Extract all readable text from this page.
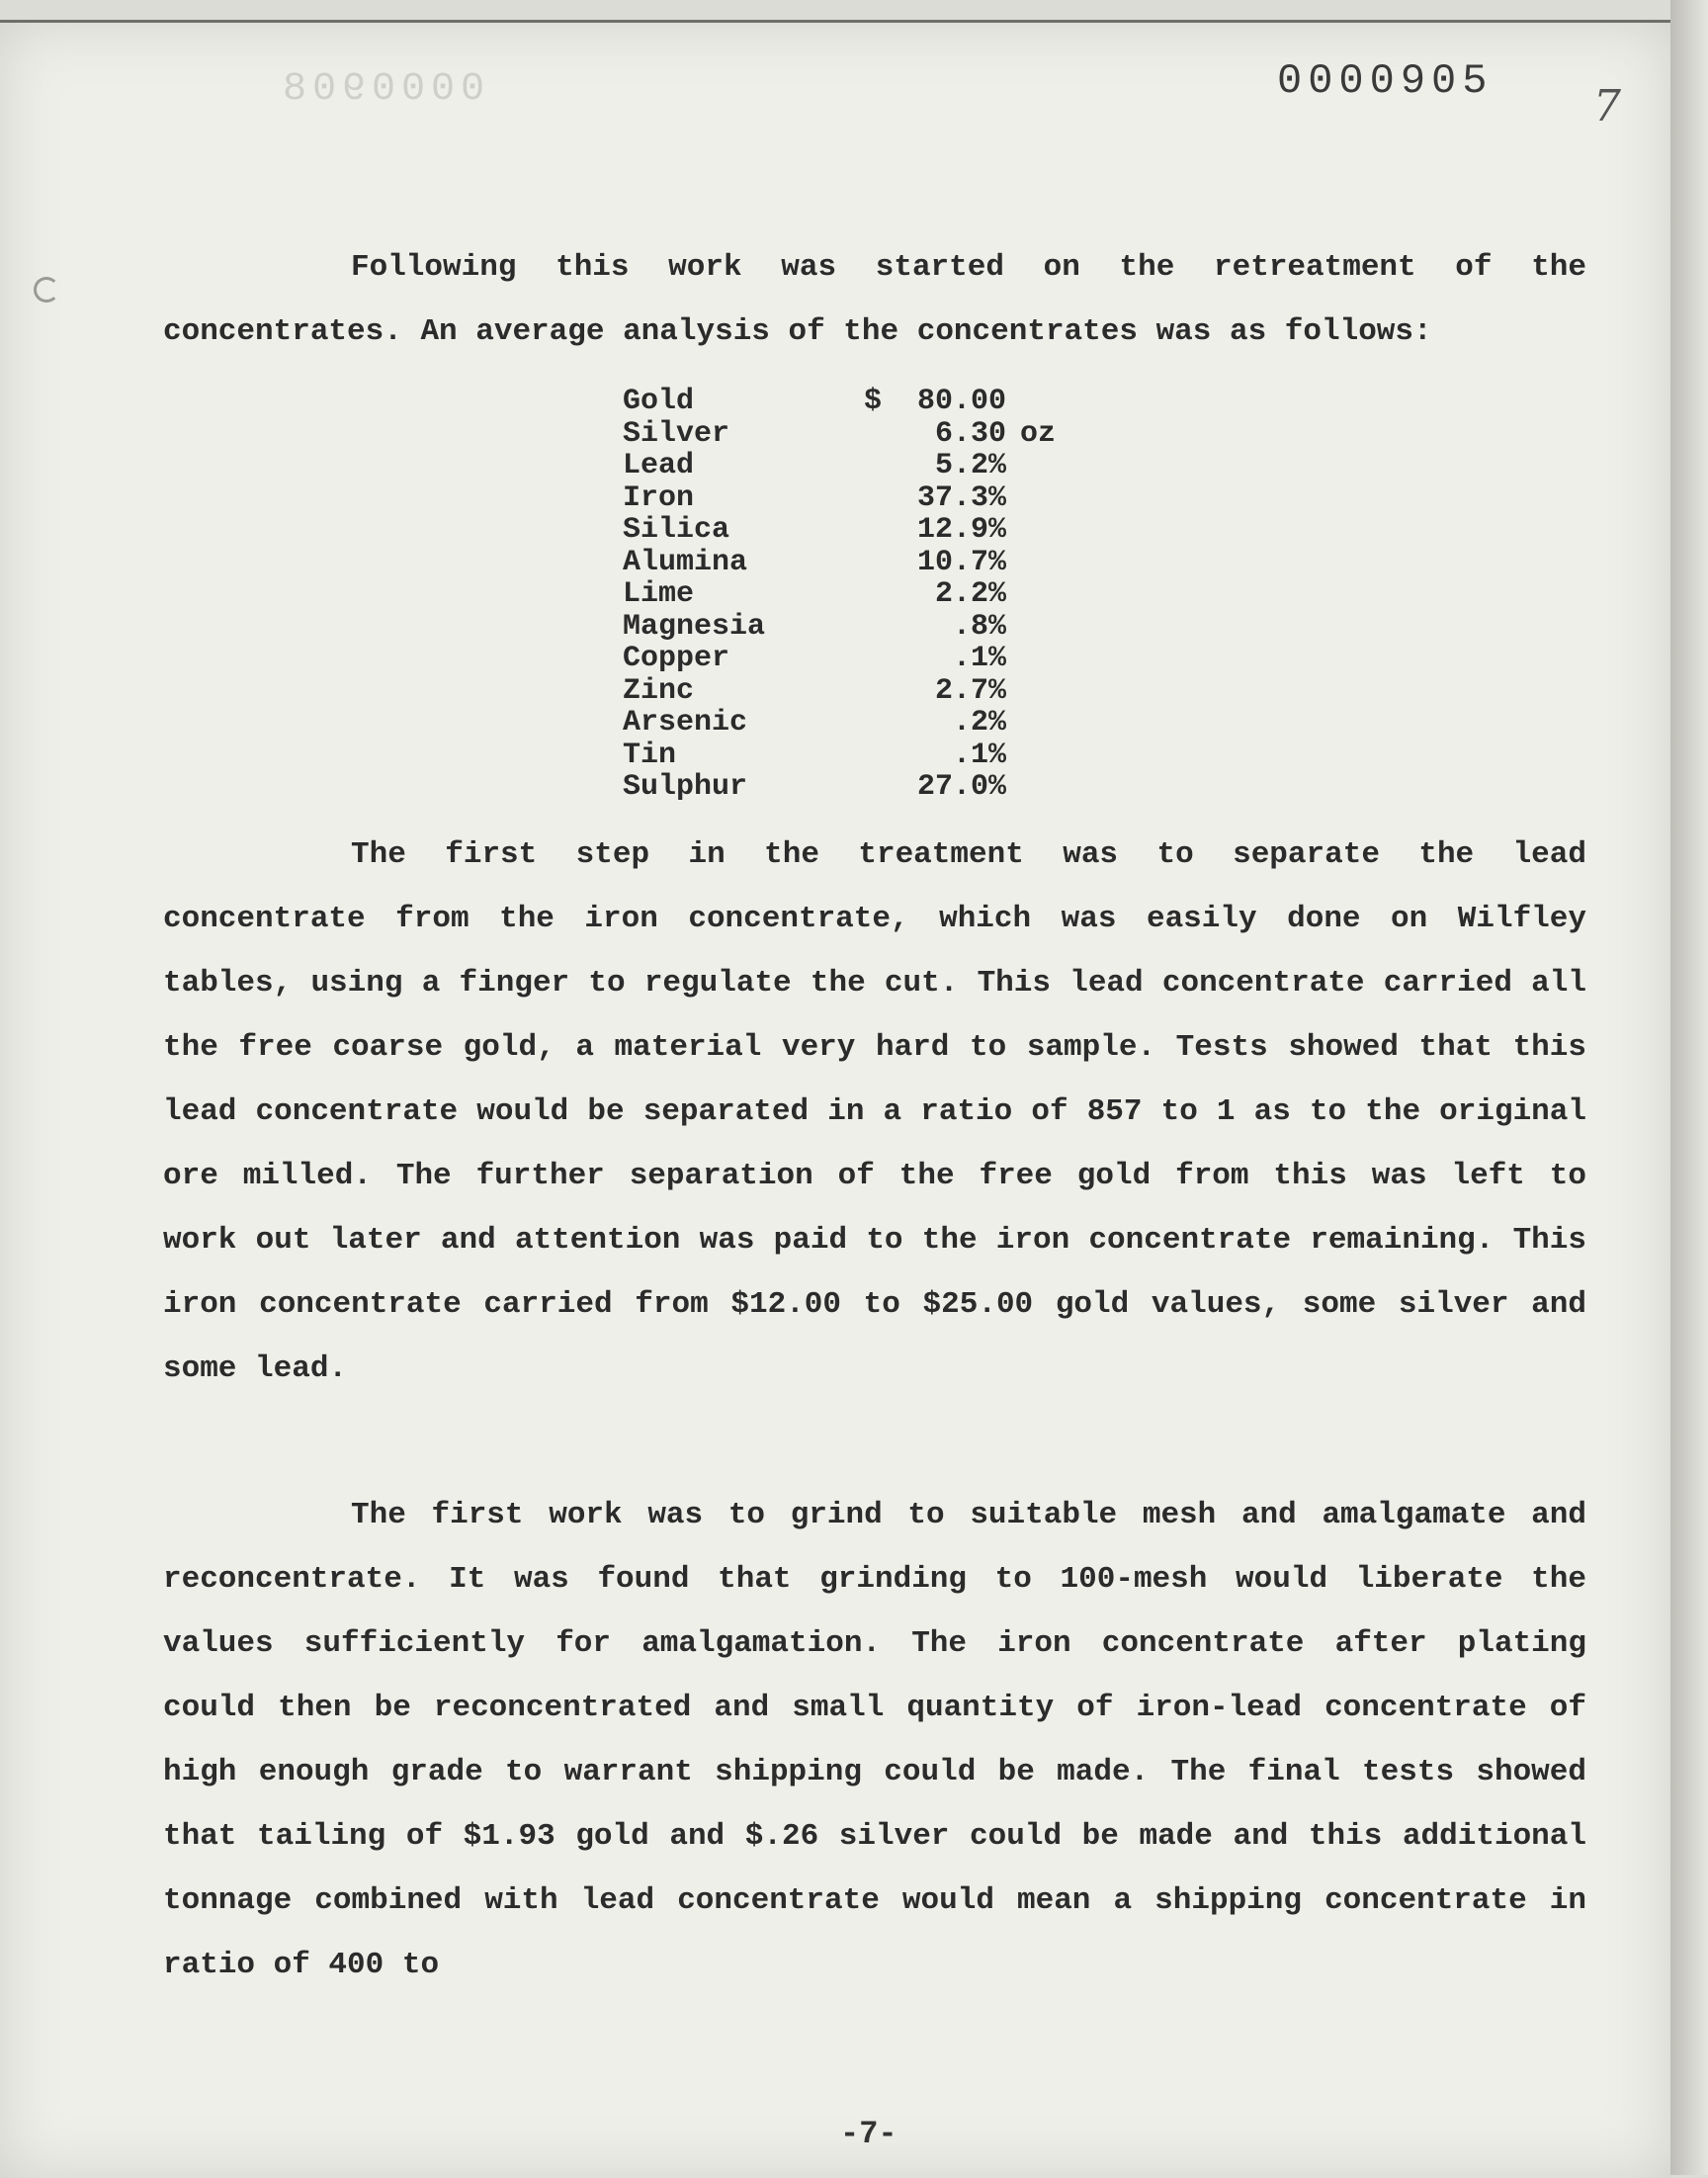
0000908	0000905 7

Following this work was started on the retreatment of the concentrates. An average analysis of the concentrates was as follows:

Gold	$  80.00
Silver	6.30 oz
Lead	5.2%
Iron	37.3%
Silica	12.9%
Alumina	10.7%
Lime	2.2%
Magnesia	.8%
Copper	.1%
Zinc	2.7%
Arsenic	.2%
Tin	.1%
Sulphur	27.0%

The first step in the treatment was to separate the lead concentrate from the iron concentrate, which was easily done on Wilfley tables, using a finger to regulate the cut. This lead concentrate carried all the free coarse gold, a material very hard to sample. Tests showed that this lead concentrate would be separated in a ratio of 857 to 1 as to the original ore milled. The further separation of the free gold from this was left to work out later and attention was paid to the iron concentrate remaining. This iron concentrate carried from $12.00 to $25.00 gold values, some silver and some lead.

The first work was to grind to suitable mesh and amalgamate and reconcentrate. It was found that grinding to 100-mesh would liberate the values sufficiently for amalgamation. The iron concentrate after plating could then be reconcentrated and small quantity of iron-lead concentrate of high enough grade to warrant shipping could be made. The final tests showed that tailing of $1.93 gold and $.26 silver could be made and this additional tonnage combined with lead concentrate would mean a shipping concentrate in ratio of 400 to

-7-
